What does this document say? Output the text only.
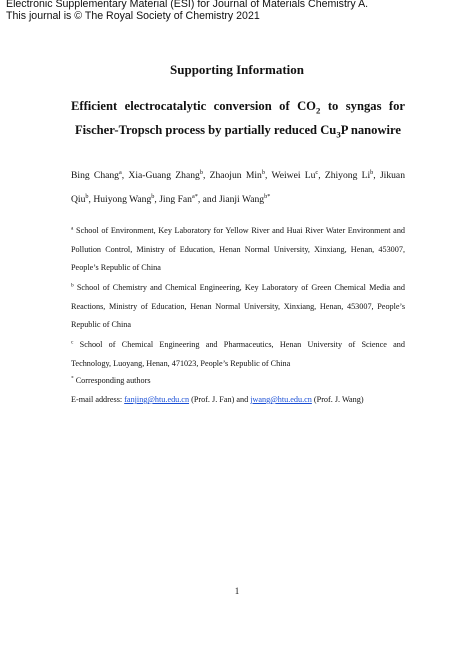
Electronic Supplementary Material (ESI) for Journal of Materials Chemistry A.
This journal is © The Royal Society of Chemistry 2021
Supporting Information
Efficient electrocatalytic conversion of $CO_2$ to syngas for
Fischer-Tropsch process by partially reduced $Cu_3P$ nanowire
Bing Chang$^a$, Xia-Guang Zhang$^b$, Zhaojun Min$^b$, Weiwei Lu$^c$, Zhiyong Li$^b$, Jikuan
Qiu$^b$, Huiyong Wang$^b$, Jing Fan$^{a*}$, and Jianji Wang$^{b*}$
$^a$ School of Environment, Key Laboratory for Yellow River and Huai River Water Environment and
Pollution Control, Ministry of Education, Henan Normal University, Xinxiang, Henan, 453007, People’s Republic of China
$^b$ School of Chemistry and Chemical Engineering, Key Laboratory of Green Chemical Media and
Reactions, Ministry of Education, Henan Normal University, Xinxiang, Henan, 453007, People’s Republic of China
$^c$ School of Chemical Engineering and Pharmaceutics, Henan University of Science and
Technology, Luoyang, Henan, 471023, People’s Republic of China
* Corresponding authors
E-mail address: fanjing@htu.edu.cn (Prof. J. Fan) and jwang@htu.edu.cn (Prof. J. Wang)
1
